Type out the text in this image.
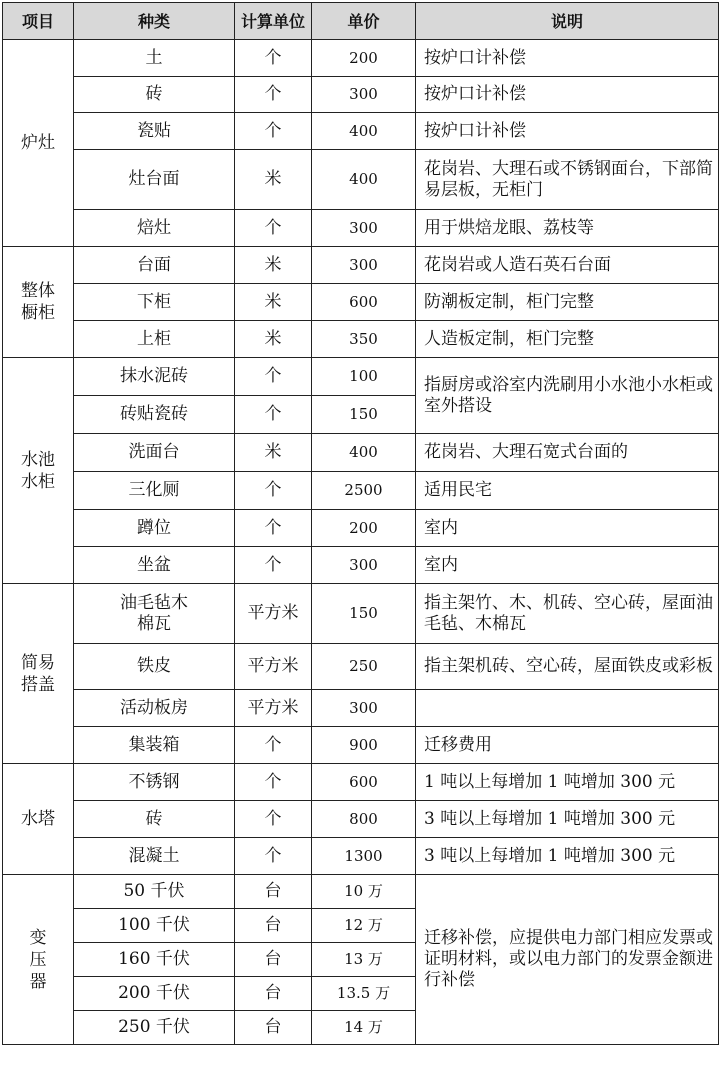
项目	种类	计算单位	单价	说明

炉灶	土	个	200	按炉口计补偿
	砖	个	300	按炉口计补偿
	瓷贴	个	400	按炉口计补偿
	灶台面	米	400	花岗岩、大理石或不锈钢面台，下部简易层板，无柜门
	焙灶	个	300	用于烘焙龙眼、荔枝等

整体橱柜	台面	米	300	花岗岩或人造石英石台面
	下柜	米	600	防潮板定制，柜门完整
	上柜	米	350	人造板定制，柜门完整

水池水柜	抹水泥砖	个	100	指厨房或浴室内洗刷用小水池小水柜或室外搭设
	砖贴瓷砖	个	150	
	洗面台	米	400	花岗岩、大理石宽式台面的
	三化厕	个	2500	适用民宅
	蹲位	个	200	室内
	坐盆	个	300	室内

简易搭盖	油毛毡木棉瓦	平方米	150	指主架竹、木、机砖、空心砖，屋面油毛毡、木棉瓦
	铁皮	平方米	250	指主架机砖、空心砖，屋面铁皮或彩板
	活动板房	平方米	300	
	集装箱	个	900	迁移费用

水塔	不锈钢	个	600	1 吨以上每增加 1 吨增加 300 元
	砖	个	800	3 吨以上每增加 1 吨增加 300 元
	混凝土	个	1300	3 吨以上每增加 1 吨增加 300 元

变压器	50 千伏	台	10 万	迁移补偿，应提供电力部门相应发票或证明材料，或以电力部门的发票金额进行补偿
	100 千伏	台	12 万	
	160 千伏	台	13 万	
	200 千伏	台	13.5 万	
	250 千伏	台	14 万	
